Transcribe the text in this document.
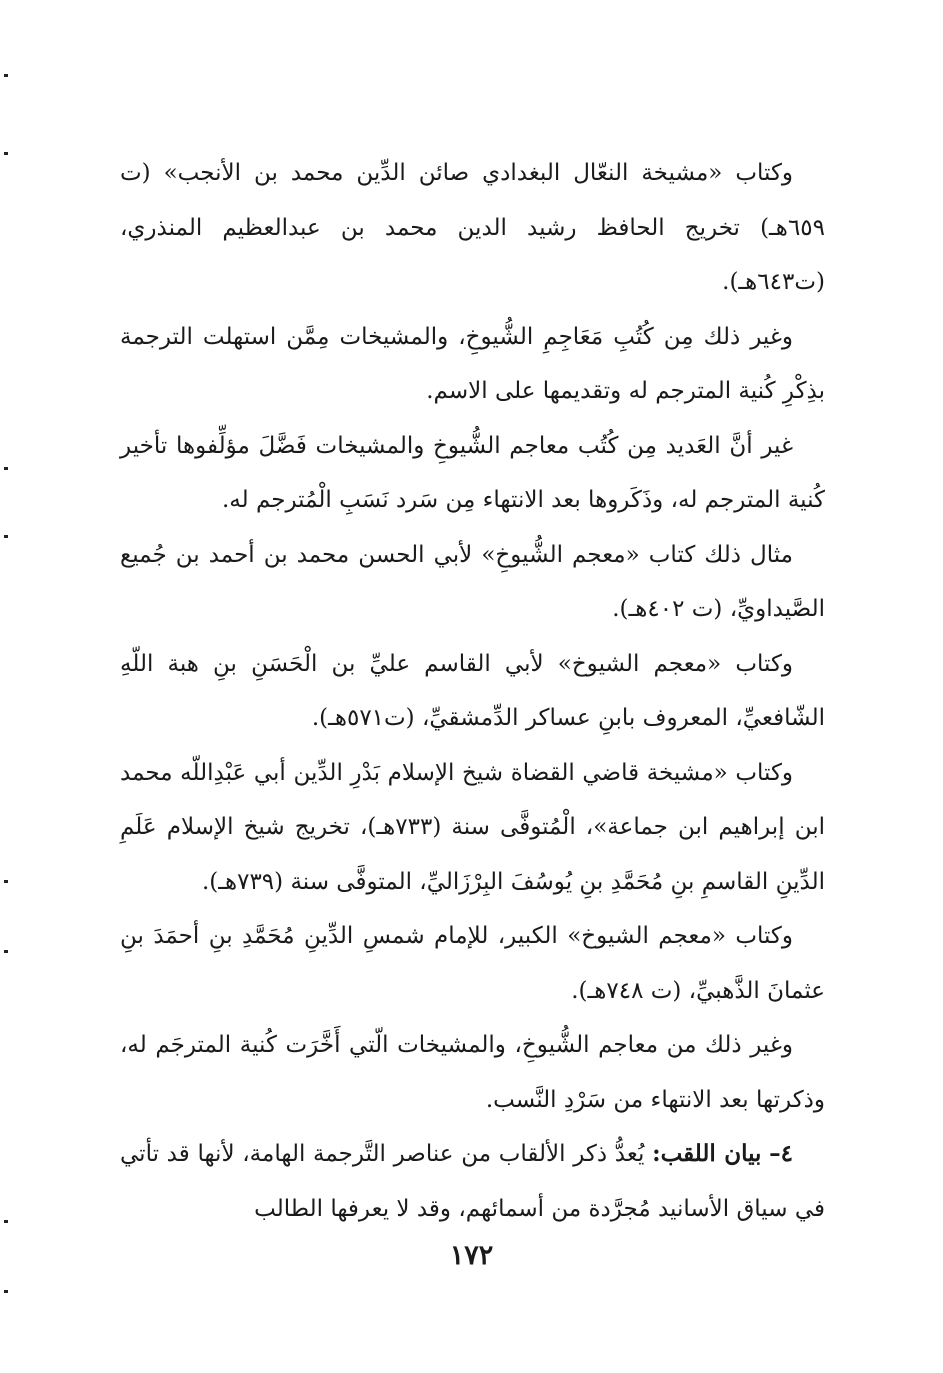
وكتاب «مشيخة النعّال البغدادي صائن الدِّين محمد بن الأنجب» (ت ٦٥٩هـ) تخريج الحافظ رشيد الدين محمد بن عبدالعظيم المنذري، (ت٦٤٣هـ).

وغير ذلك مِن كُتُبِ مَعَاجِمِ الشُّيوخِ، والمشيخات مِمَّن استهلت الترجمة بذِكْرِ كُنية المترجم له وتقديمها على الاسم.

غير أنَّ العَديد مِن كُتُب معاجم الشُّيوخِ والمشيخات فَضَّلَ مؤلِّفوها تأخير كُنية المترجم له، وذَكَروها بعد الانتهاء مِن سَرد نَسَبِ الْمُترجم له.

مثال ذلك كتاب «معجم الشُّيوخِ» لأبي الحسن محمد بن أحمد بن جُميع الصَّيداويِّ، (ت ٤٠٢هـ).

وكتاب «معجم الشيوخ» لأبي القاسم عليِّ بن الْحَسَنِ بنِ هبة اللّهِ الشّافعيِّ، المعروف بابنِ عساكر الدِّمشقيِّ، (ت٥٧١هـ).

وكتاب «مشيخة قاضي القضاة شيخ الإسلام بَدْرِ الدِّين أبي عَبْدِاللّه محمد ابن إبراهيم ابن جماعة»، الْمُتوفَّى سنة (٧٣٣هـ)، تخريج شيخ الإسلام عَلَمِ الدِّينِ القاسمِ بنِ مُحَمَّدِ بنِ يُوسُفَ البِرْزَاليِّ، المتوفَّى سنة (٧٣٩هـ).

وكتاب «معجم الشيوخ» الكبير، للإمام شمسِ الدِّينِ مُحَمَّدِ بنِ أحمَدَ بنِ عثمانَ الذَّهبيِّ، (ت ٧٤٨هـ).

وغير ذلك من معاجم الشُّيوخِ، والمشيخات الّتي أَخَّرَت كُنية المترجَم له، وذكرتها بعد الانتهاء من سَرْدِ النَّسب.

٤– بيان اللقب: يُعدُّ ذكر الألقاب من عناصر التَّرجمة الهامة، لأنها قد تأتي في سياق الأسانيد مُجرَّدة من أسمائهم، وقد لا يعرفها الطالب

١٧٢
